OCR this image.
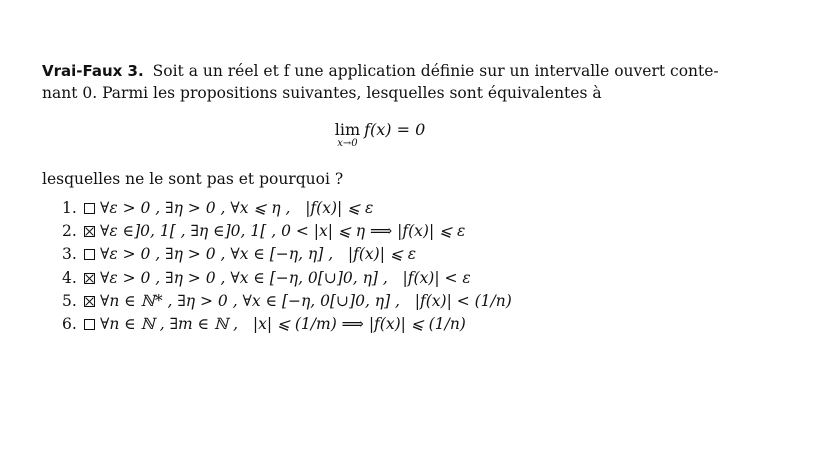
Vrai-Faux 3. Soit a un réel et f une application définie sur un intervalle ouvert conte-
nant 0. Parmi les propositions suivantes, lesquelles sont équivalentes à
lim
x→0
f(x) = 0
lesquelles ne le sont pas et pourquoi ?
1. ∀ε > 0 , ∃η > 0 , ∀x ⩽ η ,   |f(x)| ⩽ ε
2. ∀ε ∈]0, 1[ , ∃η ∈]0, 1[ , 0 < |x| ⩽ η ⟹ |f(x)| ⩽ ε
3. ∀ε > 0 , ∃η > 0 , ∀x ∈ [−η, η] ,   |f(x)| ⩽ ε
4. ∀ε > 0 , ∃η > 0 , ∀x ∈ [−η, 0[∪]0, η] ,   |f(x)| < ε
5. ∀n ∈ ℕ* , ∃η > 0 , ∀x ∈ [−η, 0[∪]0, η] ,   |f(x)| < (1/n)
6. ∀n ∈ ℕ , ∃m ∈ ℕ ,   |x| ⩽ (1/m) ⟹ |f(x)| ⩽ (1/n)
